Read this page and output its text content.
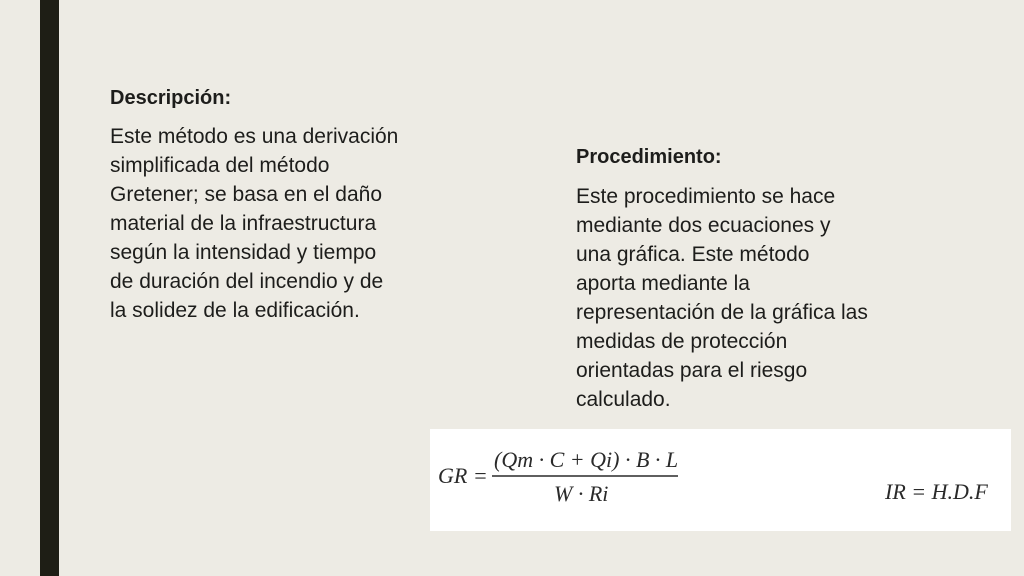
Descripción:

Este método es una derivación
simplificada del método
Gretener; se basa en el daño
material de la infraestructura
según la intensidad y tiempo
de duración del incendio y de
la solidez de la edificación.

Procedimiento:

Este procedimiento se hace
mediante dos ecuaciones y
una gráfica. Este método
aporta mediante la
representación de la gráfica las
medidas de protección
orientadas para el riesgo
calculado.
GR =
(Qm · C + Qi) · B · L
W · Ri	IR = H.D.F
